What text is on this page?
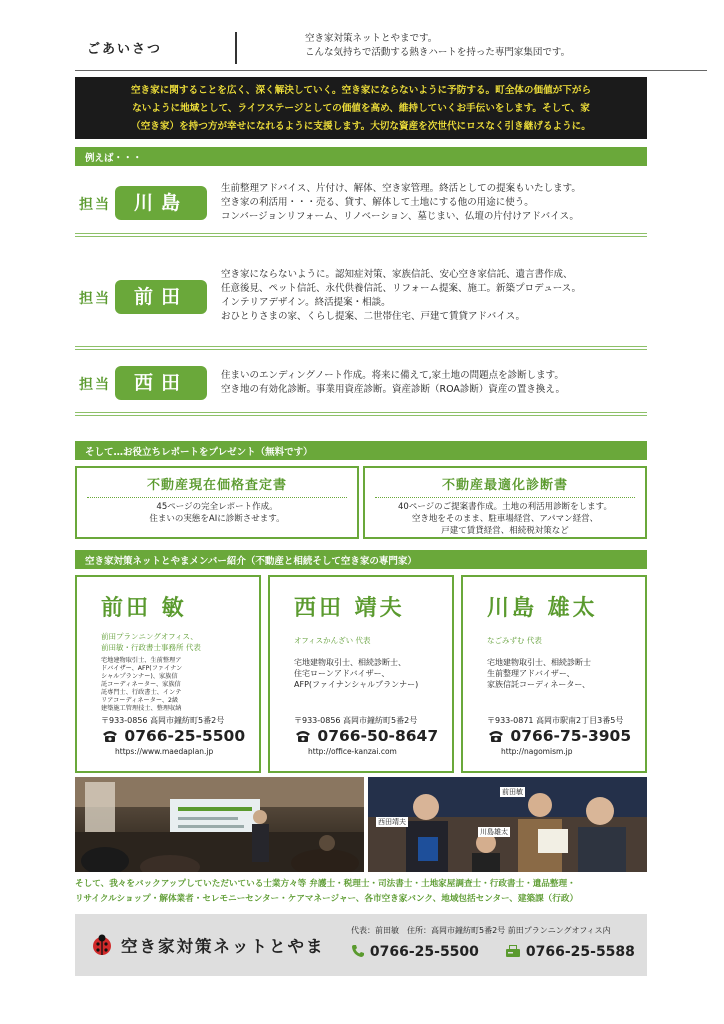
ごあいさつ
空き家対策ネットとやまです。
こんな気持ちで活動する熱きハートを持った専門家集団です。
空き家に関することを広く、深く解決していく。空き家にならないように予防する。町全体の価値が下がら
ないように地域として、ライフステージとしての価値を高め、維持していくお手伝いをします。そして、家
（空き家）を持つ方が幸せになれるように支援します。大切な資産を次世代にロスなく引き継げるように。
例えば・・・
担当	川島
生前整理アドバイス、片付け、解体、空き家管理。終活としての提案もいたします。
空き家の利活用・・・売る、貸す、解体して土地にする他の用途に使う。
コンバージョンリフォーム、リノベーション、墓じまい、仏壇の片付けアドバイス。
担当	前田
空き家にならないように。認知症対策、家族信託、安心空き家信託、遺言書作成、
任意後見、ペット信託、永代供養信託、リフォーム提案、施工。新築プロデュース。
インテリアデザイン。終活提案・相談。
おひとりさまの家、くらし提案、二世帯住宅、戸建て賃貸アドバイス。
担当	西田	住まいのエンディングノート作成。将来に備えて,家土地の問題点を診断します。
空き地の有効化診断。事業用資産診断。資産診断（ROA診断）資産の置き換え。
そして…お役立ちレポートをプレゼント（無料です）
不動産現在価格査定書
45ページの完全レポート作成。
住まいの実態をAIに診断させます。
不動産最適化診断書
40ページのご提案書作成。土地の利活用診断をします。
空き地をそのまま、駐車場経営、アパマン経営、
戸建て賃貸経営、相続税対策など
空き家対策ネットとやまメンバー紹介（不動産と相続そして空き家の専門家）
前田 敏
前田プランニングオフィス、
前田敏・行政書士事務所 代表
宅地建物取引士、生前整理ア
ドバイザー、AFP(ファイナン
シャルプランナー)、家族信
託コーディネーター、家族信
託専門士、行政書士、インテ
リアコーディネーター、2級
建築施工管理技士、整理収納
〒933-0856 高岡市鐘紡町5番2号
0766-25-5500
https://www.maedaplan.jp
西田 靖夫
オフィスかんざい 代表
宅地建物取引士、相続診断士、
住宅ローンアドバイザー、
AFP(ファイナンシャルプランナー)
〒933-0856 高岡市鐘紡町5番2号
0766-50-8647
http://office-kanzai.com
川島 雄太
なごみずむ 代表
宅地建物取引士、相続診断士
生前整理アドバイザー、
家族信託コーディネーター、
〒933-0871 高岡市駅南2丁目3番5号
0766-75-3905
http://nagomism.jp
西田靖夫
川島雄太
前田敏
そして、我々をバックアップしていただいている士業方々等 弁護士・税理士・司法書士・土地家屋調査士・行政書士・遺品整理・
リサイクルショップ・解体業者・セレモニーセンター・ケアマネージャー、各市空き家バンク、地域包括センター、建築課（行政）
空き家対策ネットとやま
代表：前田敏　住所：高岡市鐘紡町5番2号 前田プランニングオフィス内
0766-25-5500	0766-25-5588
